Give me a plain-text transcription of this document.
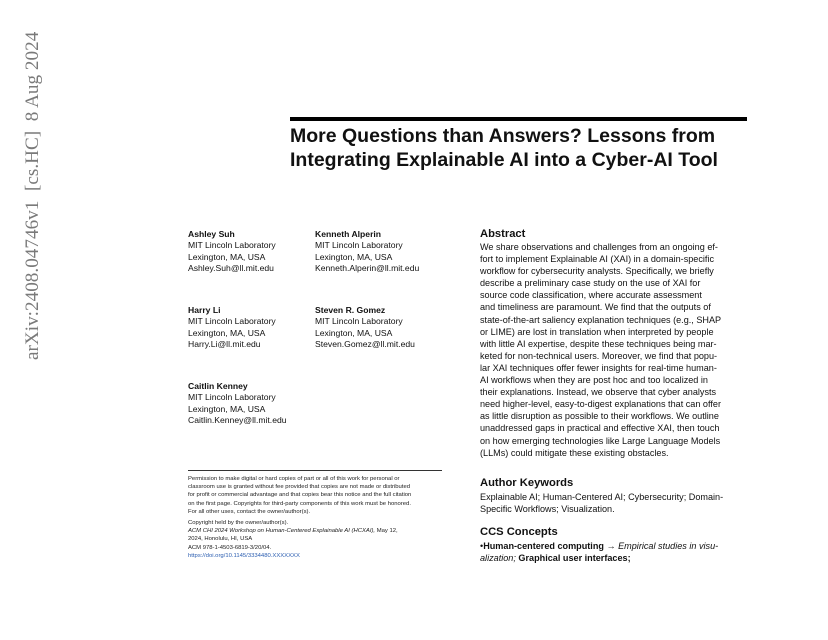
arXiv:2408.04746v1  [cs.HC]  8 Aug 2024	More Questions than Answers? Lessons from
Integrating Explainable AI into a Cyber-AI Tool
Ashley Suh
MIT Lincoln Laboratory
Lexington, MA, USA
Ashley.Suh@ll.mit.edu
Kenneth Alperin
MIT Lincoln Laboratory
Lexington, MA, USA
Kenneth.Alperin@ll.mit.edu
Harry Li
MIT Lincoln Laboratory
Lexington, MA, USA
Harry.Li@ll.mit.edu
Steven R. Gomez
MIT Lincoln Laboratory
Lexington, MA, USA
Steven.Gomez@ll.mit.edu
Caitlin Kenney
MIT Lincoln Laboratory
Lexington, MA, USA
Caitlin.Kenney@ll.mit.edu
Permission to make digital or hard copies of part or all of this work for personal or
classroom use is granted without fee provided that copies are not made or distributed
for profit or commercial advantage and that copies bear this notice and the full citation
on the first page. Copyrights for third-party components of this work must be honored.
For all other uses, contact the owner/author(s).
Copyright held by the owner/author(s).
ACM CHI 2024 Workshop on Human-Centered Explainable AI (HCXAI), May 12,
2024, Honolulu, HI, USA
ACM 978-1-4503-6819-3/20/04.
https://doi.org/10.1145/3334480.XXXXXXX
Abstract
We share observations and challenges from an ongoing ef-
fort to implement Explainable AI (XAI) in a domain-specific
workflow for cybersecurity analysts. Specifically, we briefly
describe a preliminary case study on the use of XAI for
source code classification, where accurate assessment
and timeliness are paramount. We find that the outputs of
state-of-the-art saliency explanation techniques (e.g., SHAP
or LIME) are lost in translation when interpreted by people
with little AI expertise, despite these techniques being mar-
keted for non-technical users. Moreover, we find that popu-
lar XAI techniques offer fewer insights for real-time human-
AI workflows when they are post hoc and too localized in
their explanations. Instead, we observe that cyber analysts
need higher-level, easy-to-digest explanations that can offer
as little disruption as possible to their workflows. We outline
unaddressed gaps in practical and effective XAI, then touch
on how emerging technologies like Large Language Models
(LLMs) could mitigate these existing obstacles.
Author Keywords
Explainable AI; Human-Centered AI; Cybersecurity; Domain-
Specific Workflows; Visualization.
CCS Concepts
•Human-centered computing → Empirical studies in visu-
alization; Graphical user interfaces;
